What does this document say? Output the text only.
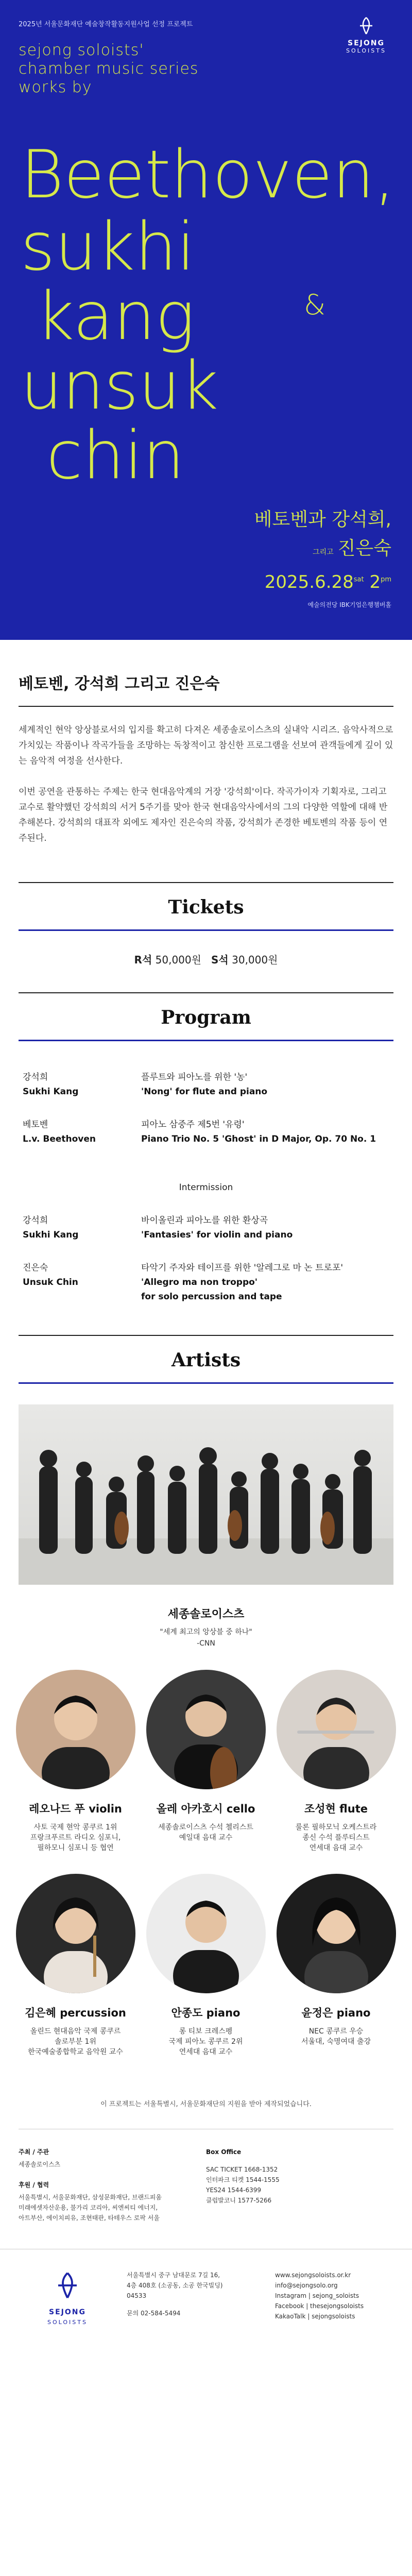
2025년 서울문화재단 예술창작활동지원사업 선정 프로젝트
sejong soloists'
chamber music series
works by
SEJONG
SOLOISTS
Beethoven,
sukhi
kang	&
unsuk
chin
베토벤과 강석희,
그리고 진은숙
$2025.6.28^{sat}$ $2^{pm}$
예술의전당 IBK기업은행챔버홀
베토벤, 강석희 그리고 진은숙

세계적인 현악 앙상블로서의 입지를 확고히 다져온 세종솔로이스츠의 실내악 시리즈. 음악사적으로 가치있는 작품이나 작곡가들을 조망하는 독창적이고 참신한 프로그램을 선보여 관객들에게 깊이 있는 음악적 여정을 선사한다.

이번 공연을 관통하는 주제는 한국 현대음악계의 거장 '강석희'이다. 작곡가이자 기획자로, 그리고 교수로 활약했던 강석희의 서거 5주기를 맞아 한국 현대음악사에서의 그의 다양한 역할에 대해 반추해본다. 강석희의 대표작 외에도 제자인 진은숙의 작품, 강석희가 존경한 베토벤의 작품 등이 연주된다.

Tickets
R석 50,000원 S석 30,000원
Program
강석희
Sukhi Kang
플루트와 피아노를 위한 '농'
'Nong' for flute and piano
베토벤
L.v. Beethoven
피아노 삼중주 제5번 '유령'
Piano Trio No. 5 'Ghost' in D Major, Op. 70 No. 1
Intermission
강석희
Sukhi Kang
바이올린과 피아노를 위한 환상곡
'Fantasies' for violin and piano
진은숙
Unsuk Chin
타악기 주자와 테이프를 위한 '알레그로 마 논 트로포'
'Allegro ma non troppo'
for solo percussion and tape
Artists
세종솔로이스츠
"세계 최고의 앙상블 중 하나"
-CNN
레오나드 푸 violin
사토 국제 현악 콩쿠르 1위
프랑크푸르트 라디오 심포니,
필하모니 심포니 등 협연
올레 아카호시 cello
세종솔로이스츠 수석 첼리스트
예일대 음대 교수
조성현 flute
룰론 필하모닉 오케스트라
종신 수석 플루티스트
연세대 음대 교수
김은혜 percussion
올린드 현대음악 국제 콩쿠르
솔로부분 1위
한국예술종합학교 음악원 교수
안종도 piano
롱 티보 크레스펭
국제 피아노 콩쿠르 2위
연세대 음대 교수
윤정은 piano
NEC 콩쿠르 우승
서울대, 숙명여대 출강
이 프로젝트는 서울특별시, 서울문화재단의 지원을 받아 제작되었습니다.
주최 / 주관
세종솔로이스츠
후원 / 협력
서울특별시, 서울문화재단, 삼성문화재단, 브랜드피움
미래에셋자산운용, 불가리 코리아, 씨엔씨티 에너지,
아트부산, 에이치피유, 조현태판, 타테우스 로팍 서울
Box Office
SAC TICKET 1668-1352
인터파크 티켓 1544-1555
YES24 1544-6399
클럽발코니 1577-5266
SEJONG
SOLOISTS
서울특별시 중구 남대문로 7길 16,
4층 408호 (소공동, 소공 한국빌딩)
04533
문의 02-584-5494
www.sejongsoloists.or.kr
info@sejongsolo.org
Instagram | sejong_soloists
Facebook | thesejongsoloists
KakaoTalk | sejongsoloists
